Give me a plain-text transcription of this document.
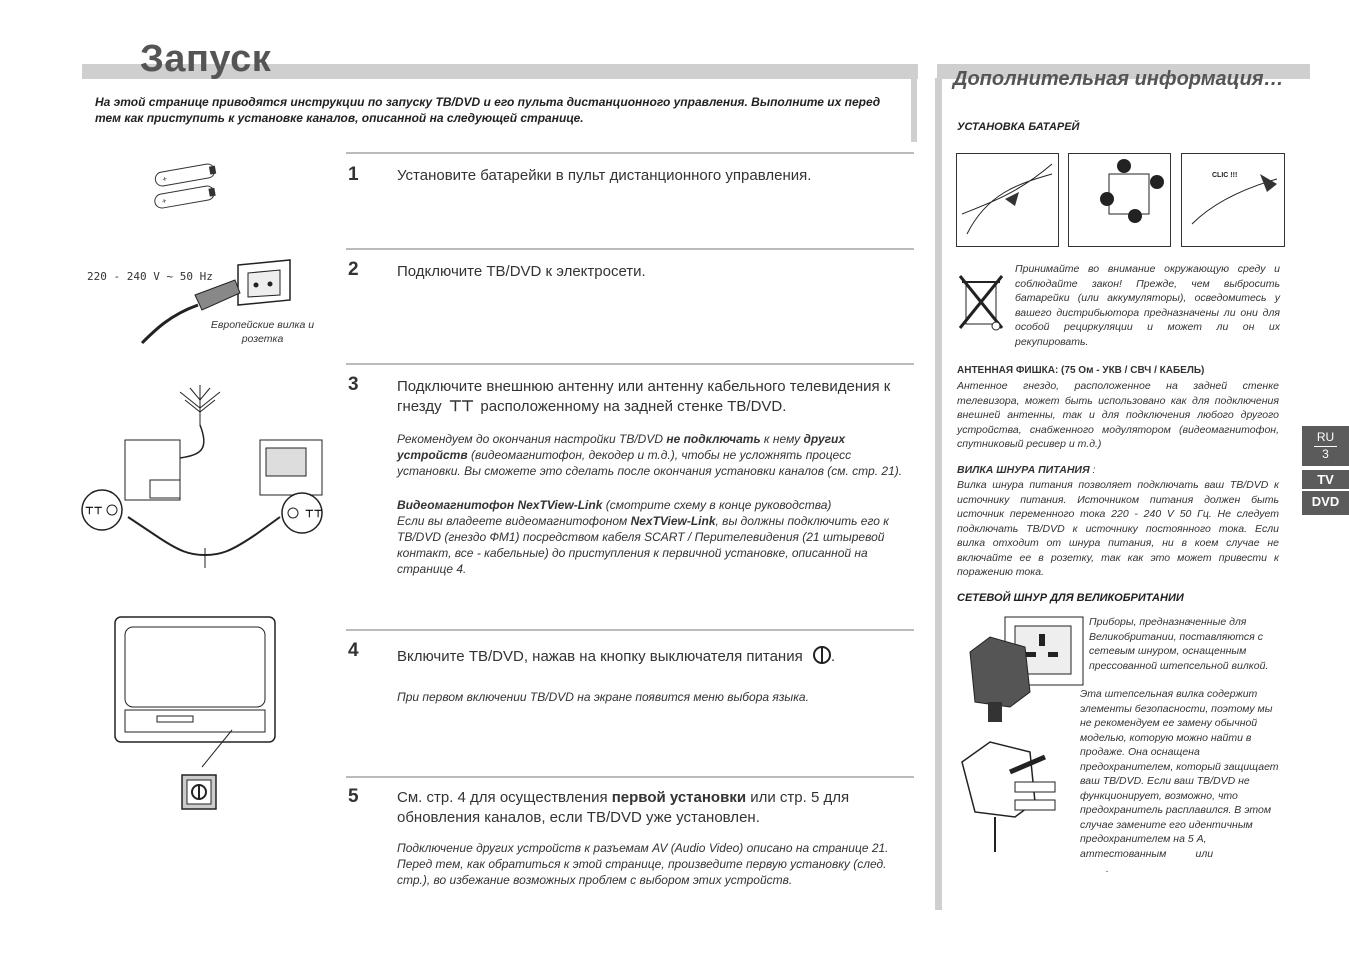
Запуск	Дополнительная информация…
На этой странице приводятся инструкции по запуску ТВ/DVD и его пульта дистанционного управления. Выполните их перед тем как приступить к установке каналов, описанной на следующей странице.
1	Установите батарейки в пульт дистанционного управления.
+
+
2	Подключите ТВ/DVD к электросети.
220 - 240 V ~ 50 Hz
Европейские вилка и розетка
3	Подключите внешнюю антенну или антенну кабельного телевидения к гнезду  ⊤⊤  расположенному на задней стенке ТВ/DVD.
Рекомендуем до окончания настройки ТВ/DVD не подключать к нему других устройств (видеомагнитофон, декодер и т.д.), чтобы не усложнять процесс установки. Вы сможете это сделать после окончания установки каналов (см. стр. 21).
Видеомагнитофон NexTView-Link (смотрите схему в конце руководства)
Если вы владеете видеомагнитофоном NexTView-Link, вы должны подключить его к ТВ/DVD (гнездо ФМ1) посредством кабеля SCART / Перителевидения (21 штыревой контакт, все - кабельные) до приступления к первичной установке, описанной на странице 4.
⊤⊤	⊤⊤
4	Включите ТВ/DVD, нажав на кнопку выключателя питания .
При первом включении ТВ/DVD на экране появится меню выбора языка.
5	См. стр. 4 для осуществления первой установки или стр. 5 для обновления каналов, если ТВ/DVD уже установлен.
Подключение других устройств к разъемам AV (Audio Video) описано на странице 21. Перед тем, как обратиться к этой странице, произведите первую установку (след. стр.), во избежание возможных проблем с выбором этих устройств.
УСТАНОВКА БАТАРЕЙ
CLIC !!!
Принимайте во внимание окружающую среду и соблюдайте закон! Прежде, чем выбросить батарейки (или аккумуляторы), осведомитесь у вашего дистрибьютора предназначены ли они для особой рециркуляции и может ли он их рекупировать.
АНТЕННАЯ ФИШКА: (75 Ом - УКВ / СВЧ / КАБЕЛЬ)
Антенное гнездо, расположенное на задней стенке телевизора, может быть использовано как для подключения внешней антенны, так и для подключения любого другого устройства, снабженного модулятором (видеомагнитофон, спутниковый ресивер и т.д.)
ВИЛКА ШНУРА ПИТАНИЯ :
Вилка шнура питания позволяет подключать ваш ТВ/DVD к источнику питания. Источником питания должен быть источник переменного тока 220 - 240 V 50 Гц. Не следует подключать ТВ/DVD к источнику постоянного тока. Если вилка отходит от шнура питания, ни в коем случае не включайте ее в розетку, так как это может привести к поражению тока.
СЕТЕВОЙ ШНУР ДЛЯ ВЕЛИКОБРИТАНИИ
Приборы, предназначенные для Великобритании, поставляются с сетевым шнуром, оснащенным прессованной штепсельной вилкой.
Эта штепсельная вилка содержит элементы безопасности, поэтому мы не рекомендуем ее замену обычной моделью, которую можно найти в продаже. Она оснащена предохранителем, который защищает ваш ТВ/DVD. Если ваш ТВ/DVD не функционирует, возможно, что предохранитель расплавился. В этом случае замените его идентичным предохранителем на 5 А, аттестованным          или
.
RU
3
TV
DVD
